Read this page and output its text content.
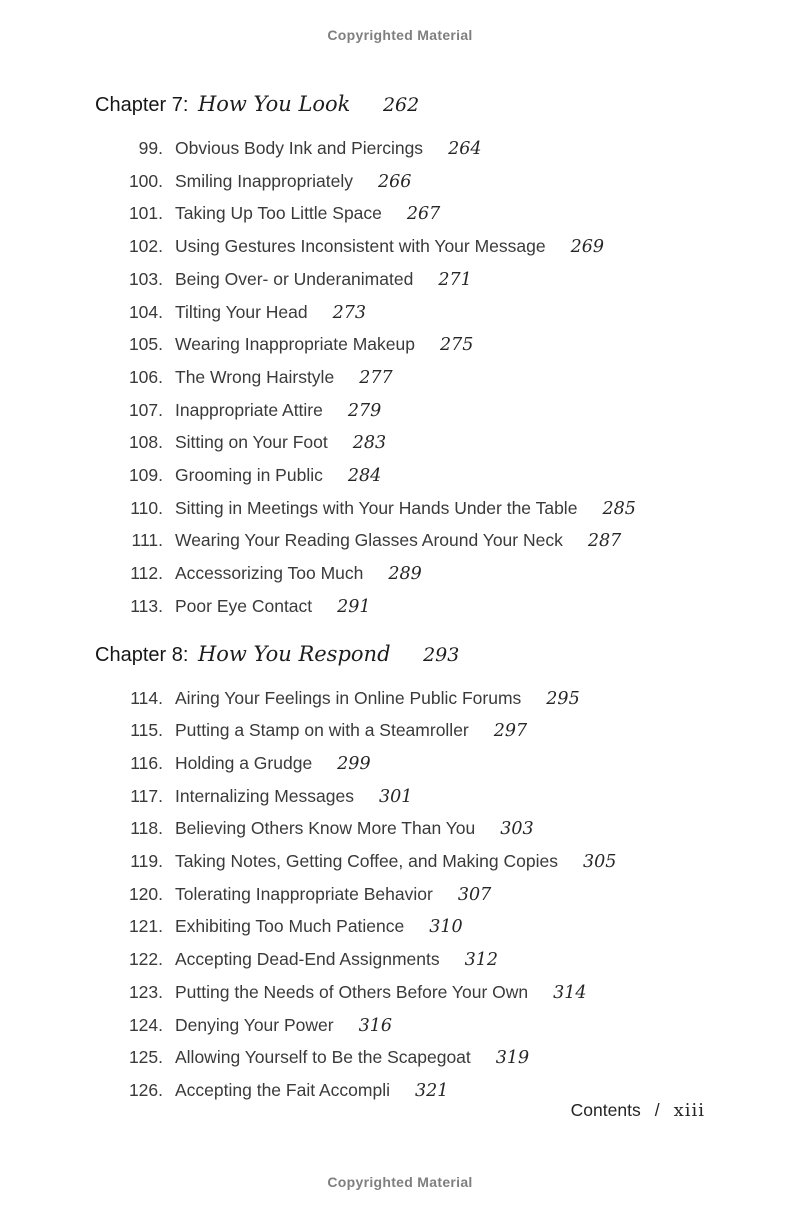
Copyrighted Material
Chapter 7: How You Look 262
99. Obvious Body Ink and Piercings 264
100. Smiling Inappropriately 266
101. Taking Up Too Little Space 267
102. Using Gestures Inconsistent with Your Message 269
103. Being Over- or Underanimated 271
104. Tilting Your Head 273
105. Wearing Inappropriate Makeup 275
106. The Wrong Hairstyle 277
107. Inappropriate Attire 279
108. Sitting on Your Foot 283
109. Grooming in Public 284
110. Sitting in Meetings with Your Hands Under the Table 285
111. Wearing Your Reading Glasses Around Your Neck 287
112. Accessorizing Too Much 289
113. Poor Eye Contact 291
Chapter 8: How You Respond 293
114. Airing Your Feelings in Online Public Forums 295
115. Putting a Stamp on with a Steamroller 297
116. Holding a Grudge 299
117. Internalizing Messages 301
118. Believing Others Know More Than You 303
119. Taking Notes, Getting Coffee, and Making Copies 305
120. Tolerating Inappropriate Behavior 307
121. Exhibiting Too Much Patience 310
122. Accepting Dead-End Assignments 312
123. Putting the Needs of Others Before Your Own 314
124. Denying Your Power 316
125. Allowing Yourself to Be the Scapegoat 319
126. Accepting the Fait Accompli 321
Contents / xiii
Copyrighted Material
